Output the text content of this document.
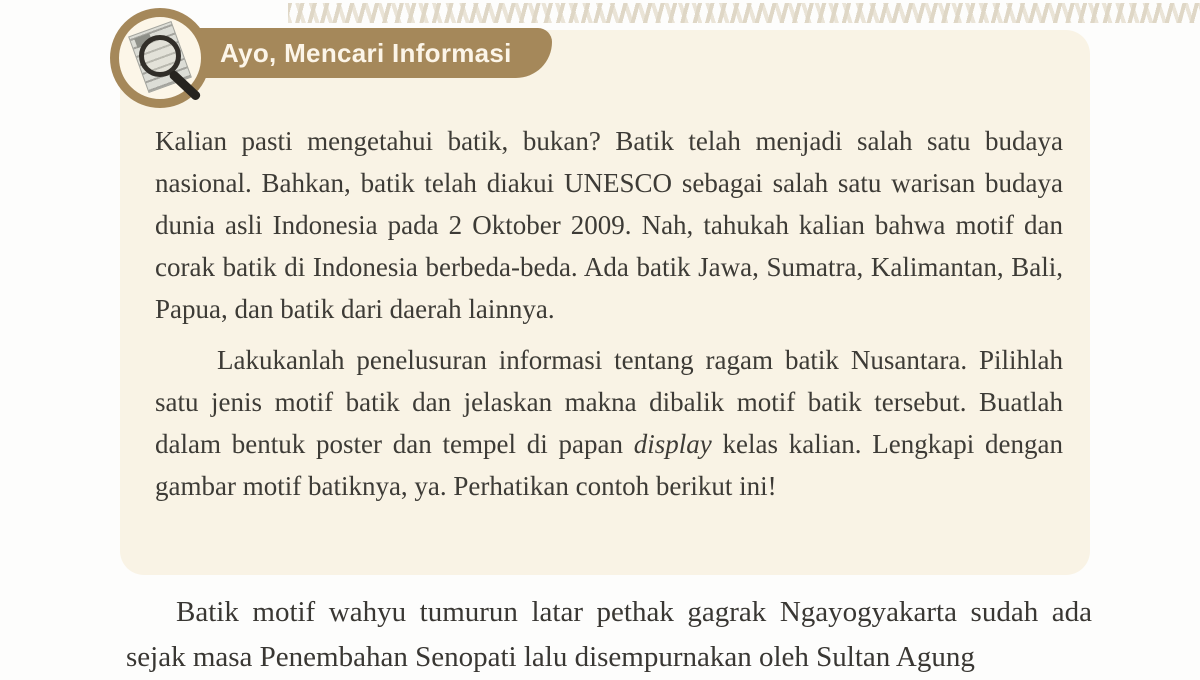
Ayo, Mencari Informasi

Kalian pasti mengetahui batik, bukan? Batik telah menjadi salah satu budaya nasional. Bahkan, batik telah diakui UNESCO sebagai salah satu warisan budaya dunia asli Indonesia pada 2 Oktober 2009. Nah, tahukah kalian bahwa motif dan corak batik di Indonesia berbeda-beda. Ada batik Jawa, Sumatra, Kalimantan, Bali, Papua, dan batik dari daerah lainnya.

Lakukanlah penelusuran informasi tentang ragam batik Nusantara. Pilihlah satu jenis motif batik dan jelaskan makna dibalik motif batik tersebut. Buatlah dalam bentuk poster dan tempel di papan display kelas kalian. Lengkapi dengan gambar motif batiknya, ya. Perhatikan contoh berikut ini!

Batik motif wahyu tumurun latar pethak gagrak Ngayogyakarta sudah ada sejak masa Penembahan Senopati lalu disempurnakan oleh Sultan Agung
